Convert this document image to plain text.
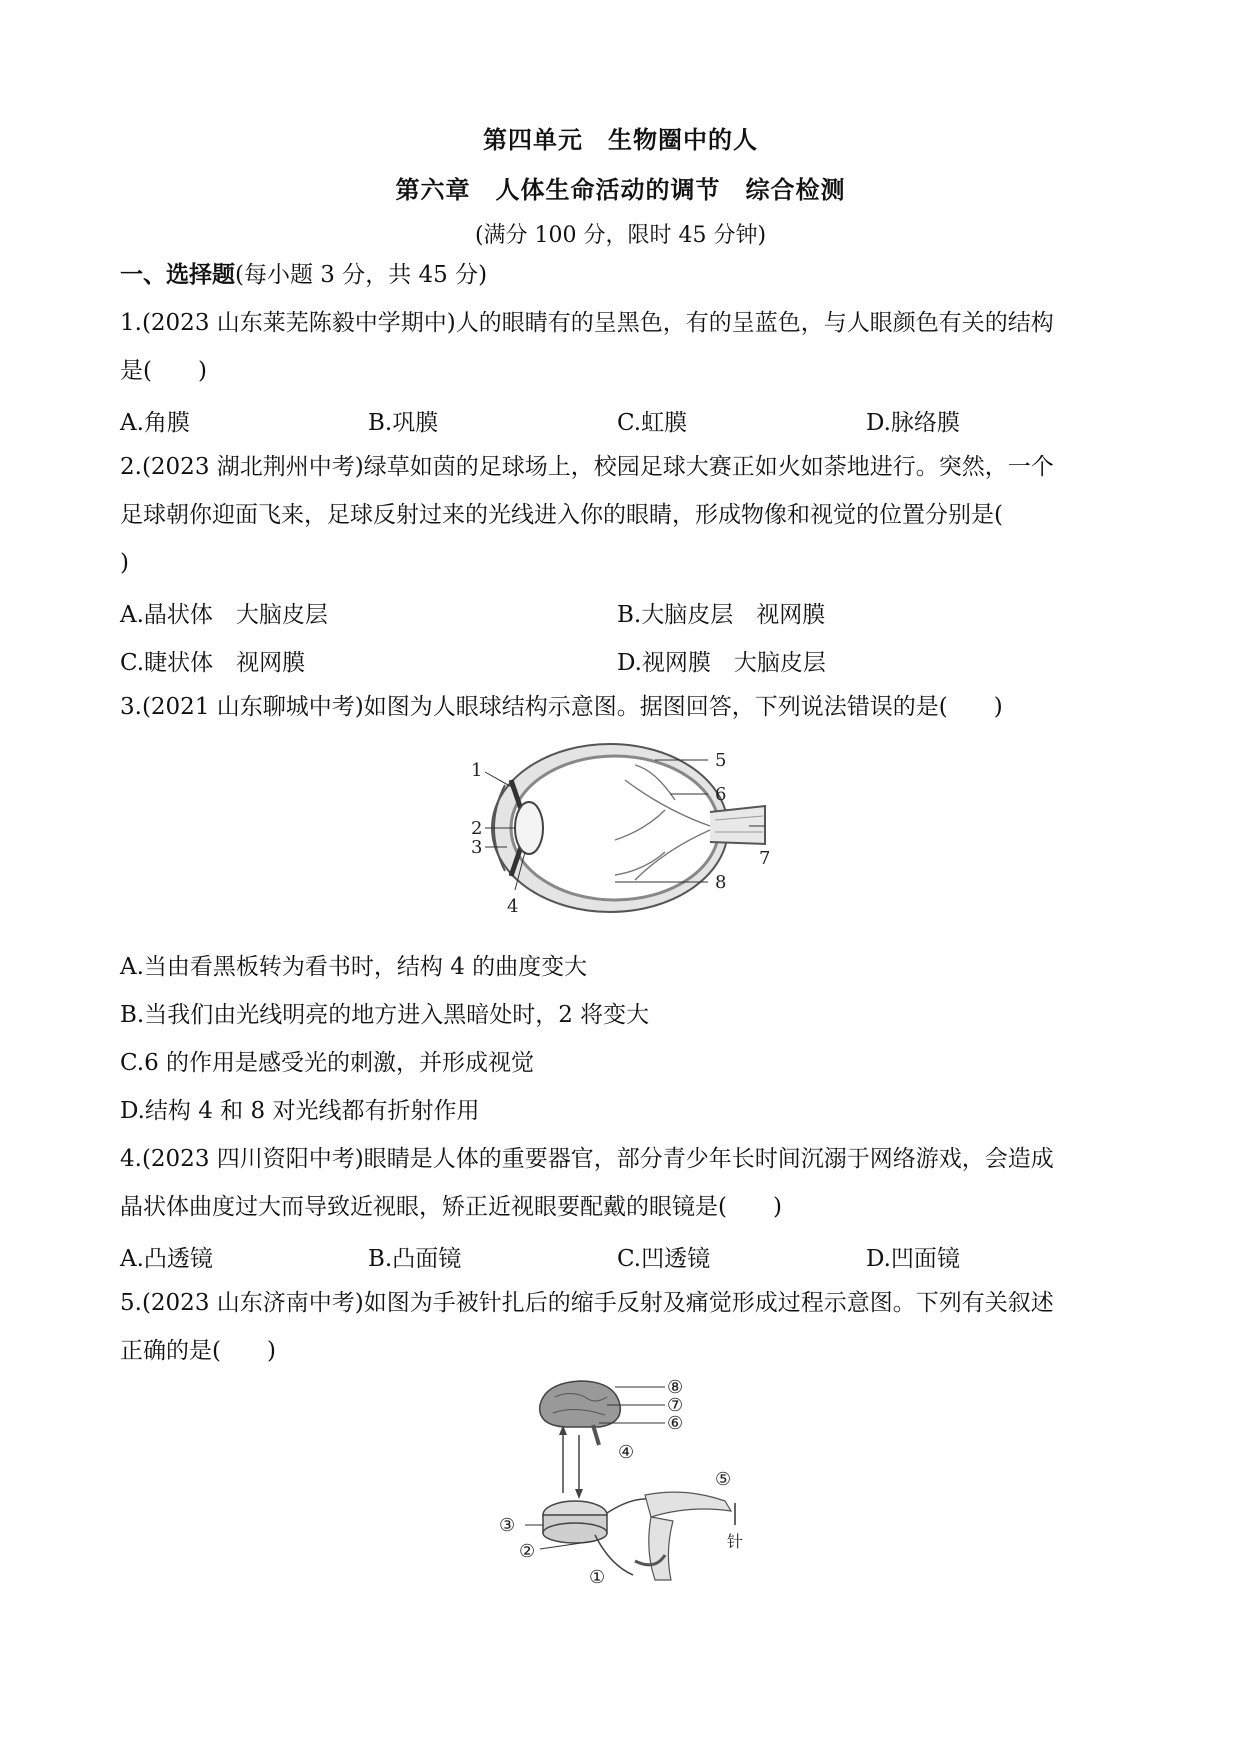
第四单元　生物圈中的人
第六章　人体生命活动的调节　综合检测
(满分 100 分，限时 45 分钟)
一、选择题(每小题 3 分，共 45 分)
1.(2023 山东莱芜陈毅中学期中)人的眼睛有的呈黑色，有的呈蓝色，与人眼颜色有关的结构
是(　　)
A.角膜	B.巩膜	C.虹膜	D.脉络膜
2.(2023 湖北荆州中考)绿草如茵的足球场上，校园足球大赛正如火如荼地进行。突然，一个
足球朝你迎面飞来，足球反射过来的光线进入你的眼睛，形成物像和视觉的位置分别是(
)
A.晶状体　大脑皮层	B.大脑皮层　视网膜
C.睫状体　视网膜	D.视网膜　大脑皮层
3.(2021 山东聊城中考)如图为人眼球结构示意图。据图回答，下列说法错误的是(　　)
1
2
3
4
5
6
7
8
A.当由看黑板转为看书时，结构 4 的曲度变大
B.当我们由光线明亮的地方进入黑暗处时，2 将变大
C.6 的作用是感受光的刺激，并形成视觉
D.结构 4 和 8 对光线都有折射作用
4.(2023 四川资阳中考)眼睛是人体的重要器官，部分青少年长时间沉溺于网络游戏，会造成
晶状体曲度过大而导致近视眼，矫正近视眼要配戴的眼镜是(　　)
A.凸透镜	B.凸面镜	C.凹透镜	D.凹面镜
5.(2023 山东济南中考)如图为手被针扎后的缩手反射及痛觉形成过程示意图。下列有关叙述
正确的是(　　)
⑧
⑦
⑥
④
⑤
③
②
①
针
